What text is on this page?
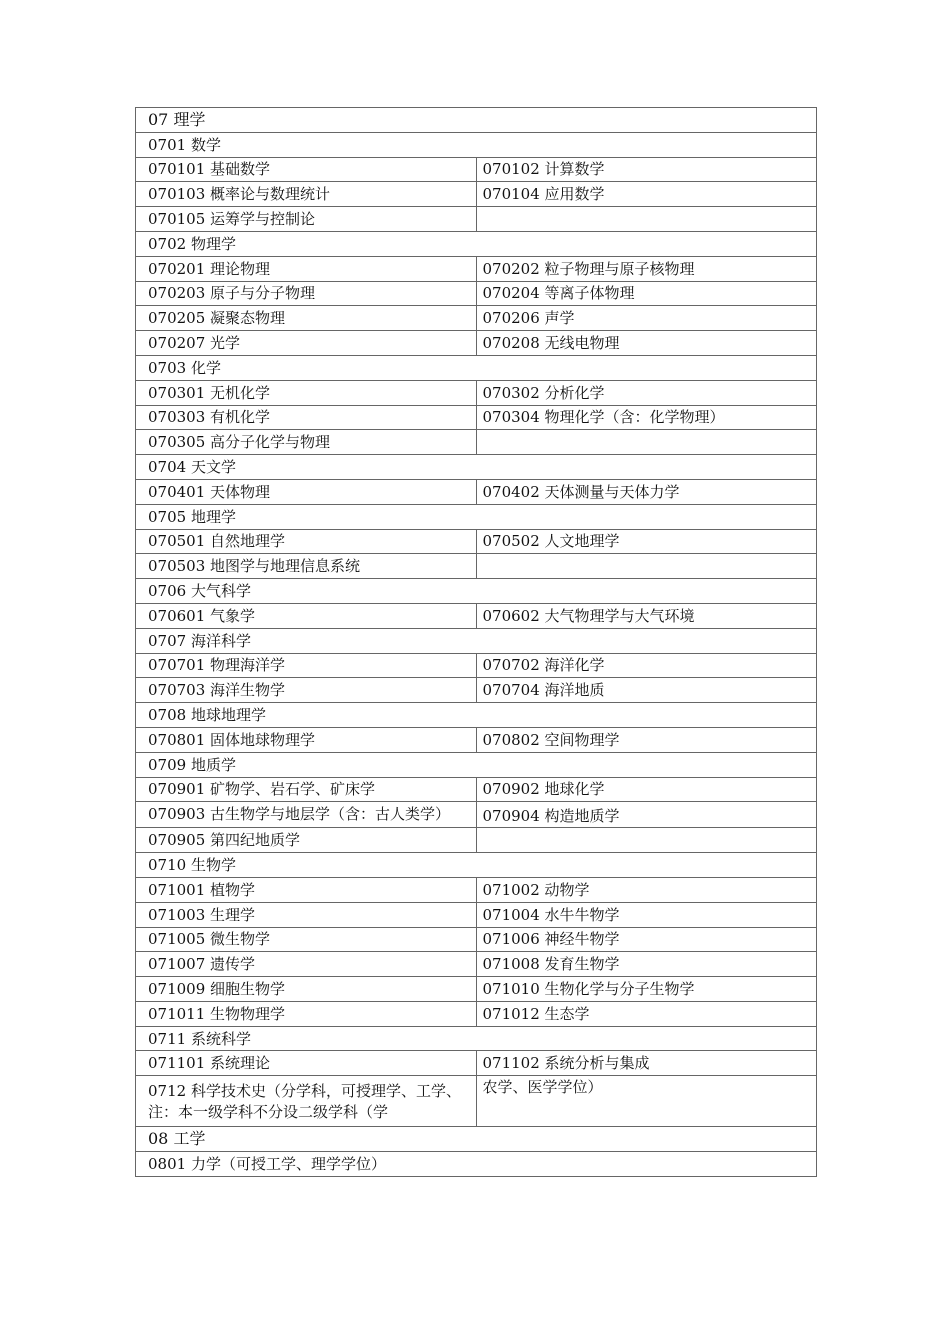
07 理学	
0701 数学	
070101 基础数学	070102 计算数学
070103 概率论与数理统计	070104 应用数学
070105 运筹学与控制论	
0702 物理学	
070201 理论物理	070202 粒子物理与原子核物理
070203 原子与分子物理	070204 等离子体物理
070205 凝聚态物理	070206 声学
070207 光学	070208 无线电物理
0703 化学	
070301 无机化学	070302 分析化学
070303 有机化学	070304 物理化学（含：化学物理）
070305 高分子化学与物理	
0704 天文学	
070401 天体物理	070402 天体测量与天体力学
0705 地理学	
070501 自然地理学	070502 人文地理学
070503 地图学与地理信息系统	
0706 大气科学	
070601 气象学	070602 大气物理学与大气环境
0707 海洋科学	
070701 物理海洋学	070702 海洋化学
070703 海洋生物学	070704 海洋地质
0708 地球地理学	
070801 固体地球物理学	070802 空间物理学
0709 地质学	
070901 矿物学、岩石学、矿床学	070902 地球化学

070903 古生物学与地层学（含：古人类学）	070904 构造地质学
070905 第四纪地质学	
0710 生物学	
071001 植物学	071002 动物学
071003 生理学	071004 水牛牛物学
071005 微生物学	071006 神经牛物学
071007 遗传学	071008 发育生物学
071009 细胞生物学	071010 生物化学与分子生物学
071011 生物物理学	071012 生态学
0711 系统科学	
071101 系统理论	071102 系统分析与集成
0712 科学技术史（分学科，可授理学、工学、注：本一级学科不分设二级学科（学	农学、医学学位）
08 工学	
0801 力学（可授工学、理学学位）	
